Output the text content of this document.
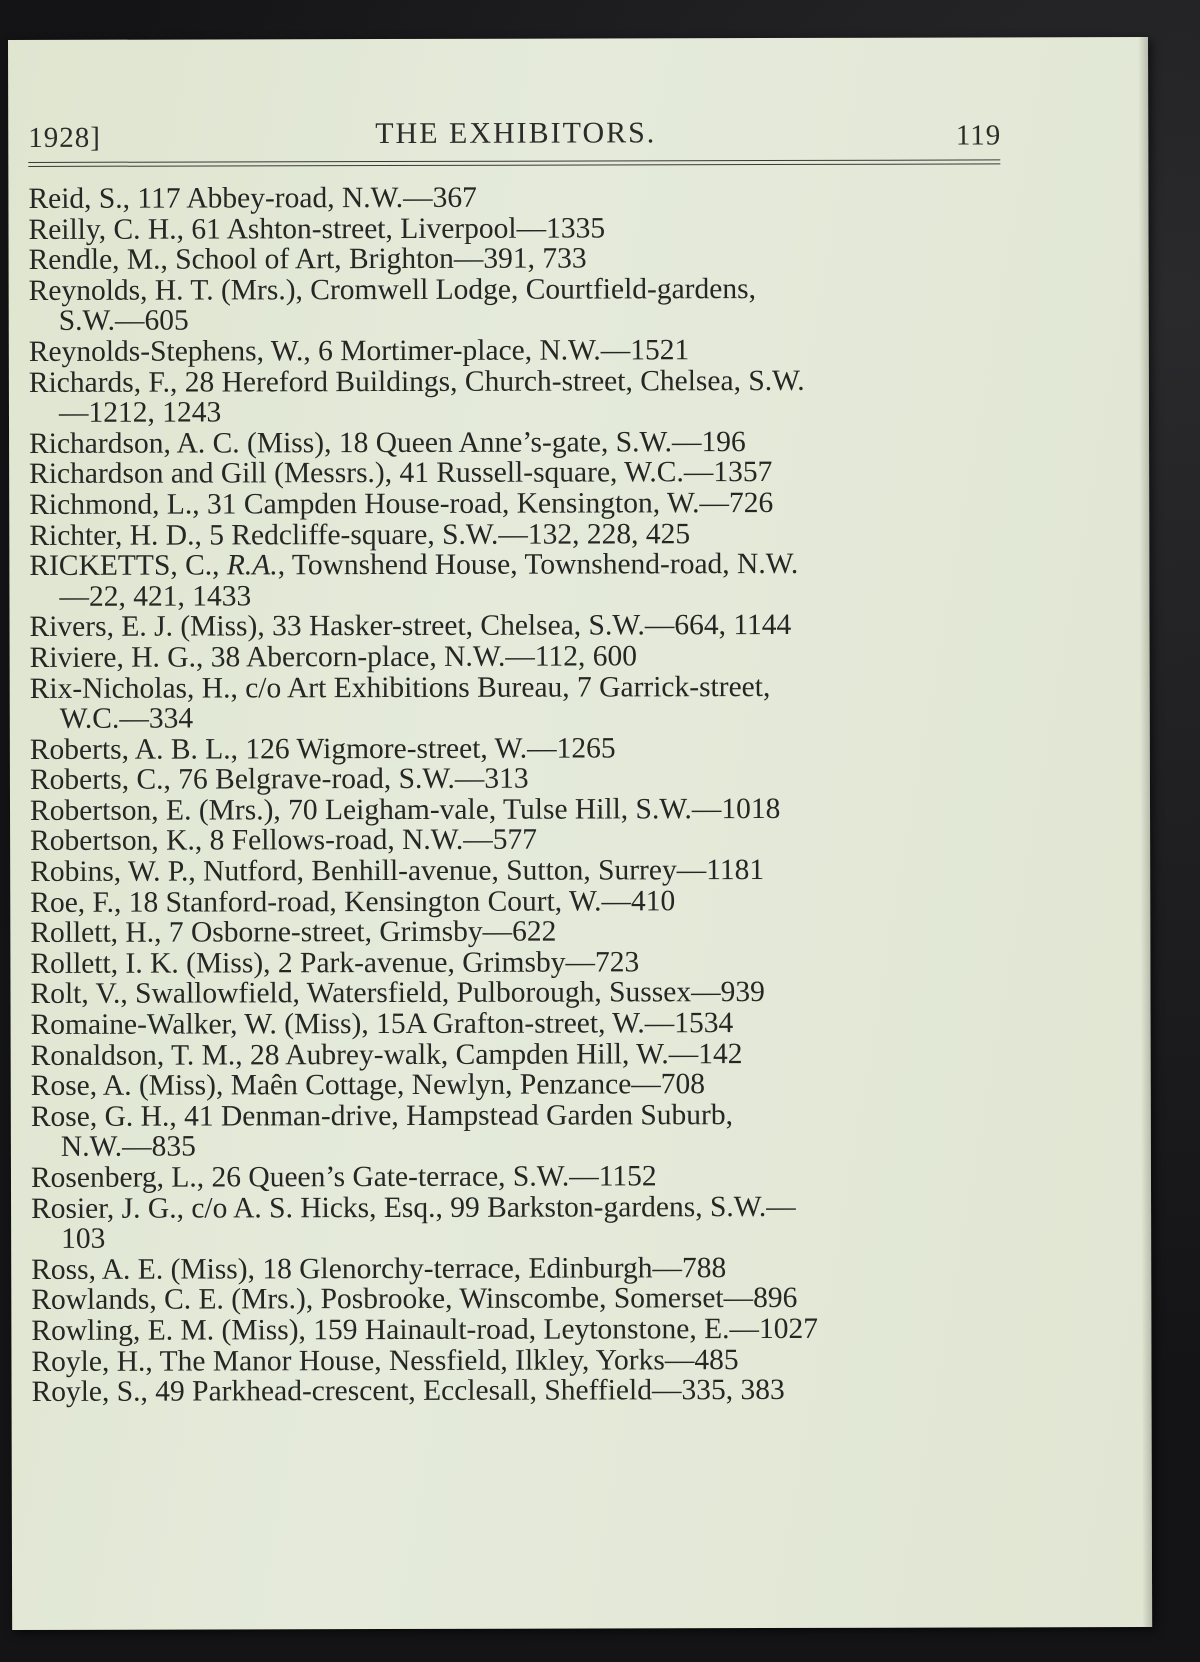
1928]	THE EXHIBITORS.	119
Reid, S., 117 Abbey-road, N.W.—367
Reilly, C. H., 61 Ashton-street, Liverpool—1335
Rendle, M., School of Art, Brighton—391, 733
Reynolds, H. T. (Mrs.), Cromwell Lodge, Courtfield-gardens,
S.W.—605
Reynolds-Stephens, W., 6 Mortimer-place, N.W.—1521
Richards, F., 28 Hereford Buildings, Church-street, Chelsea, S.W.
—1212, 1243
Richardson, A. C. (Miss), 18 Queen Anne’s-gate, S.W.—196
Richardson and Gill (Messrs.), 41 Russell-square, W.C.—1357
Richmond, L., 31 Campden House-road, Kensington, W.—726
Richter, H. D., 5 Redcliffe-square, S.W.—132, 228, 425
RICKETTS, C., R.A., Townshend House, Townshend-road, N.W.
—22, 421, 1433
Rivers, E. J. (Miss), 33 Hasker-street, Chelsea, S.W.—664, 1144
Riviere, H. G., 38 Abercorn-place, N.W.—112, 600
Rix-Nicholas, H., c/o Art Exhibitions Bureau, 7 Garrick-street,
W.C.—334
Roberts, A. B. L., 126 Wigmore-street, W.—1265
Roberts, C., 76 Belgrave-road, S.W.—313
Robertson, E. (Mrs.), 70 Leigham-vale, Tulse Hill, S.W.—1018
Robertson, K., 8 Fellows-road, N.W.—577
Robins, W. P., Nutford, Benhill-avenue, Sutton, Surrey—1181
Roe, F., 18 Stanford-road, Kensington Court, W.—410
Rollett, H., 7 Osborne-street, Grimsby—622
Rollett, I. K. (Miss), 2 Park-avenue, Grimsby—723
Rolt, V., Swallowfield, Watersfield, Pulborough, Sussex—939
Romaine-Walker, W. (Miss), 15A Grafton-street, W.—1534
Ronaldson, T. M., 28 Aubrey-walk, Campden Hill, W.—142
Rose, A. (Miss), Maên Cottage, Newlyn, Penzance—708
Rose, G. H., 41 Denman-drive, Hampstead Garden Suburb,
N.W.—835
Rosenberg, L., 26 Queen’s Gate-terrace, S.W.—1152
Rosier, J. G., c/o A. S. Hicks, Esq., 99 Barkston-gardens, S.W.—
103
Ross, A. E. (Miss), 18 Glenorchy-terrace, Edinburgh—788
Rowlands, C. E. (Mrs.), Posbrooke, Winscombe, Somerset—896
Rowling, E. M. (Miss), 159 Hainault-road, Leytonstone, E.—1027
Royle, H., The Manor House, Nessfield, Ilkley, Yorks—485
Royle, S., 49 Parkhead-crescent, Ecclesall, Sheffield—335, 383
